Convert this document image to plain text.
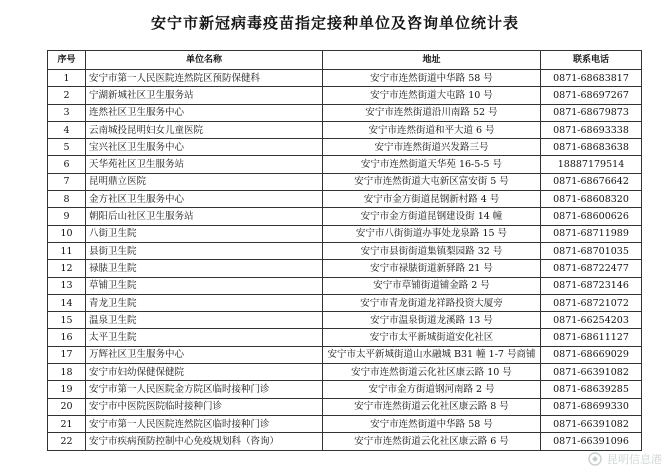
安宁市新冠病毒疫苗指定接种单位及咨询单位统计表
序号	单位名称	地址	联系电话
1	安宁市第一人民医院连然院区预防保健科	安宁市连然街道中华路 58 号	0871-68683817
2	宁湖新城社区卫生服务站	安宁市连然街道大屯路 10 号	0871-68697267
3	连然社区卫生服务中心	安宁市连然街道沿川南路 52 号	0871-68679873
4	云南城投昆明妇女儿童医院	安宁市连然街道和平大道 6 号	0871-68693338
5	宝兴社区卫生服务中心	安宁市连然街道兴发路三号	0871-68683638
6	天华苑社区卫生服务站	安宁市连然街道天华苑 16-5-5 号	18887179514
7	昆明鼎立医院	安宁市连然街道大屯新区富安街 5 号	0871-68676642
8	金方社区卫生服务中心	安宁市金方街道昆钢新村路 4 号	0871-68608320
9	朝阳后山社区卫生服务站	安宁市金方街道昆钢建设街 14 幢	0871-68600626
10	八街卫生院	安宁市八街街道办事处龙泉路 15 号	0871-68711989
11	县街卫生院	安宁市县街街道集镇梨园路 32 号	0871-68701035
12	禄脿卫生院	安宁市禄脿街道新驿路 21 号	0871-68722477
13	草铺卫生院	安宁市草铺街道铺金路 2 号	0871-68723146
14	青龙卫生院	安宁市青龙街道龙祥路投资大厦旁	0871-68721072
15	温泉卫生院	安宁市温泉街道龙溪路 13 号	0871-66254203
16	太平卫生院	安宁市太平新城街道安化社区	0871-68611127
17	万辉社区卫生服务中心	安宁市太平新城街道山水融城 B31 幢 1-7 号商铺	0871-68669029
18	安宁市妇幼保健保健院	安宁市连然街道云化社区康云路 10 号	0871-66391082
19	安宁市第一人民医院金方院区临时接种门诊	安宁市金方街道钢河南路 2 号	0871-68639285
20	安宁市中医院医院临时接种门诊	安宁市连然街道云化社区康云路 8 号	0871-68699330
21	安宁市第一人民医院连然院区临时接种门诊	安宁市连然街道中华路 58 号	0871-66391082
22	安宁市疾病预防控制中心免疫规划科（咨询）	安宁市连然街道云化社区康云路 6 号	0871-66391096
昆明信息港
